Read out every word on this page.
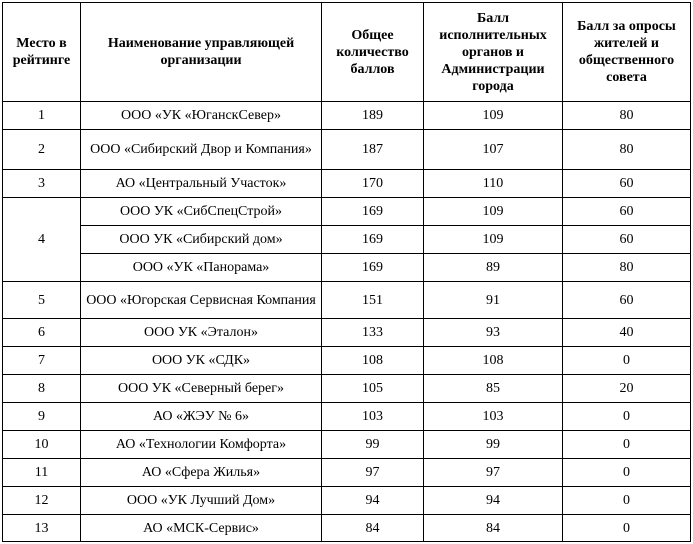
Место в рейтинге	Наименование управляющей организации	Общее количество баллов	Балл исполнительных органов и Администрации города	Балл за опросы жителей и общественного совета
1	ООО «УК «ЮганскСевер»	189	109	80
2	ООО «Сибирский Двор и Компания»	187	107	80
3	АО «Центральный Участок»	170	110	60
4	ООО УК «СибСпецСтрой»	169	109	60
	ООО УК «Сибирский дом»	169	109	60
	ООО «УК «Панорама»	169	89	80
5	ООО «Югорская Сервисная Компания	151	91	60
6	ООО УК «Эталон»	133	93	40
7	ООО УК «СДК»	108	108	0
8	ООО УК «Северный берег»	105	85	20
9	АО «ЖЭУ № 6»	103	103	0
10	АО «Технологии Комфорта»	99	99	0
11	АО «Сфера Жилья»	97	97	0
12	ООО «УК Лучший Дом»	94	94	0
13	АО «МСК-Сервис»	84	84	0
